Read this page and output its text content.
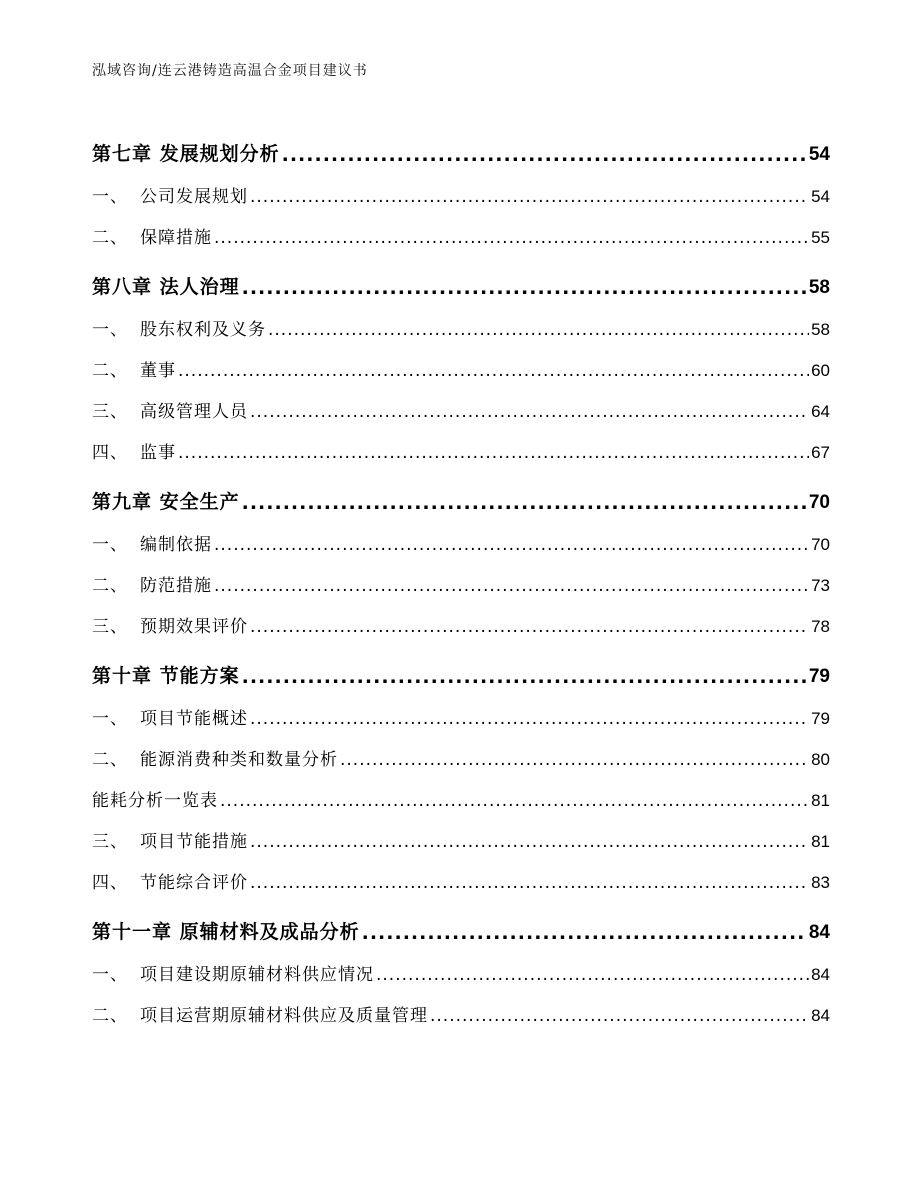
泓域咨询/连云港铸造高温合金项目建议书
第七章 发展规划分析 .....	54
一、 公司发展规划 .....	54
二、 保障措施 .....	55
第八章 法人治理 .....	58
一、 股东权利及义务 .....	58
二、 董事 .....	60
三、 高级管理人员 .....	64
四、 监事 .....	67
第九章 安全生产 .....	70
一、 编制依据 .....	70
二、 防范措施 .....	73
三、 预期效果评价 .....	78
第十章 节能方案 .....	79
一、 项目节能概述 .....	79
二、 能源消费种类和数量分析 .....	80
能耗分析一览表 .....	81
三、 项目节能措施 .....	81
四、 节能综合评价 .....	83
第十一章 原辅材料及成品分析 .....	84
一、 项目建设期原辅材料供应情况 .....	84
二、 项目运营期原辅材料供应及质量管理 .....	84
